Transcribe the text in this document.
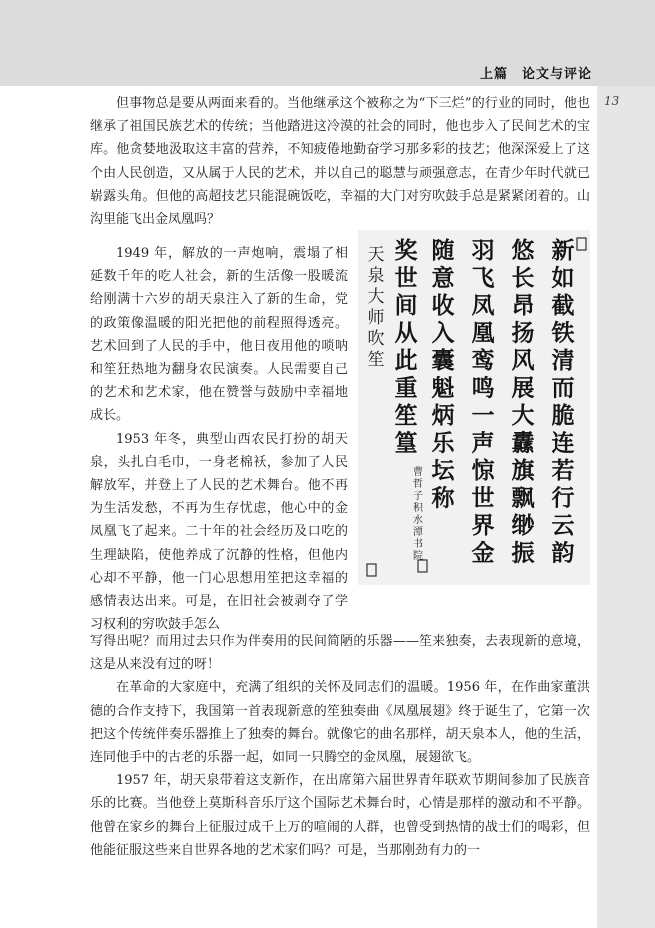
上篇　论文与评论
13

但事物总是要从两面来看的。当他继承这个被称之为“下三烂”的行业的同时，他也继承了祖国民族艺术的传统；当他踏进这冷漠的社会的同时，他也步入了民间艺术的宝库。他贪婪地汲取这丰富的营养，不知疲倦地勤奋学习那多彩的技艺；他深深爱上了这个由人民创造，又从属于人民的艺术，并以自己的聪慧与顽强意志，在青少年时代就已崭露头角。但他的高超技艺只能混碗饭吃，幸福的大门对穷吹鼓手总是紧紧闭着的。山沟里能飞出金凤凰吗？

1949 年，解放的一声炮响，震塌了相延数千年的吃人社会，新的生活像一股暖流给刚满十六岁的胡天泉注入了新的生命，党的政策像温暖的阳光把他的前程照得透亮。艺术回到了人民的手中，他日夜用他的唢呐和笙狂热地为翻身农民演奏。人民需要自己的艺术和艺术家，他在赞誉与鼓励中幸福地成长。

1953 年冬，典型山西农民打扮的胡天泉，头扎白毛巾，一身老棉袄，参加了人民解放军，并登上了人民的艺术舞台。他不再为生活发愁，不再为生存忧虑，他心中的金凤凰飞了起来。二十年的社会经历及口吃的生理缺陷，使他养成了沉静的性格，但他内心却不平静，他一门心思想用笙把这幸福的感情表达出来。可是，在旧社会被剥夺了学习权利的穷吹鼓手怎么

新
如
截
铁
清
而
脆
连
若
行
云
韵
悠
长
昂
扬
风
展
大
纛
旗
飘
缈
振
羽
飞
凤
凰
鸾
鸣
一
声
惊
世
界
金
随
意
收
入
囊
魁
炳
乐
坛
称
奖
世
间
从
此
重
笙
篁
天
泉
大
师
吹
笙
曹
哲
子
积
水
潭
书
院

写得出呢？而用过去只作为伴奏用的民间简陋的乐器——笙来独奏，去表现新的意境，这是从来没有过的呀！

在革命的大家庭中，充满了组织的关怀及同志们的温暖。1956 年，在作曲家董洪德的合作支持下，我国第一首表现新意的笙独奏曲《凤凰展翅》终于诞生了，它第一次把这个传统伴奏乐器推上了独奏的舞台。就像它的曲名那样，胡天泉本人，他的生活，连同他手中的古老的乐器一起，如同一只腾空的金凤凰，展翅欲飞。

1957 年，胡天泉带着这支新作，在出席第六届世界青年联欢节期间参加了民族音乐的比赛。当他登上莫斯科音乐厅这个国际艺术舞台时，心情是那样的激动和不平静。他曾在家乡的舞台上征服过成千上万的喧闹的人群，也曾受到热情的战士们的喝彩，但他能征服这些来自世界各地的艺术家们吗？可是，当那刚劲有力的一
